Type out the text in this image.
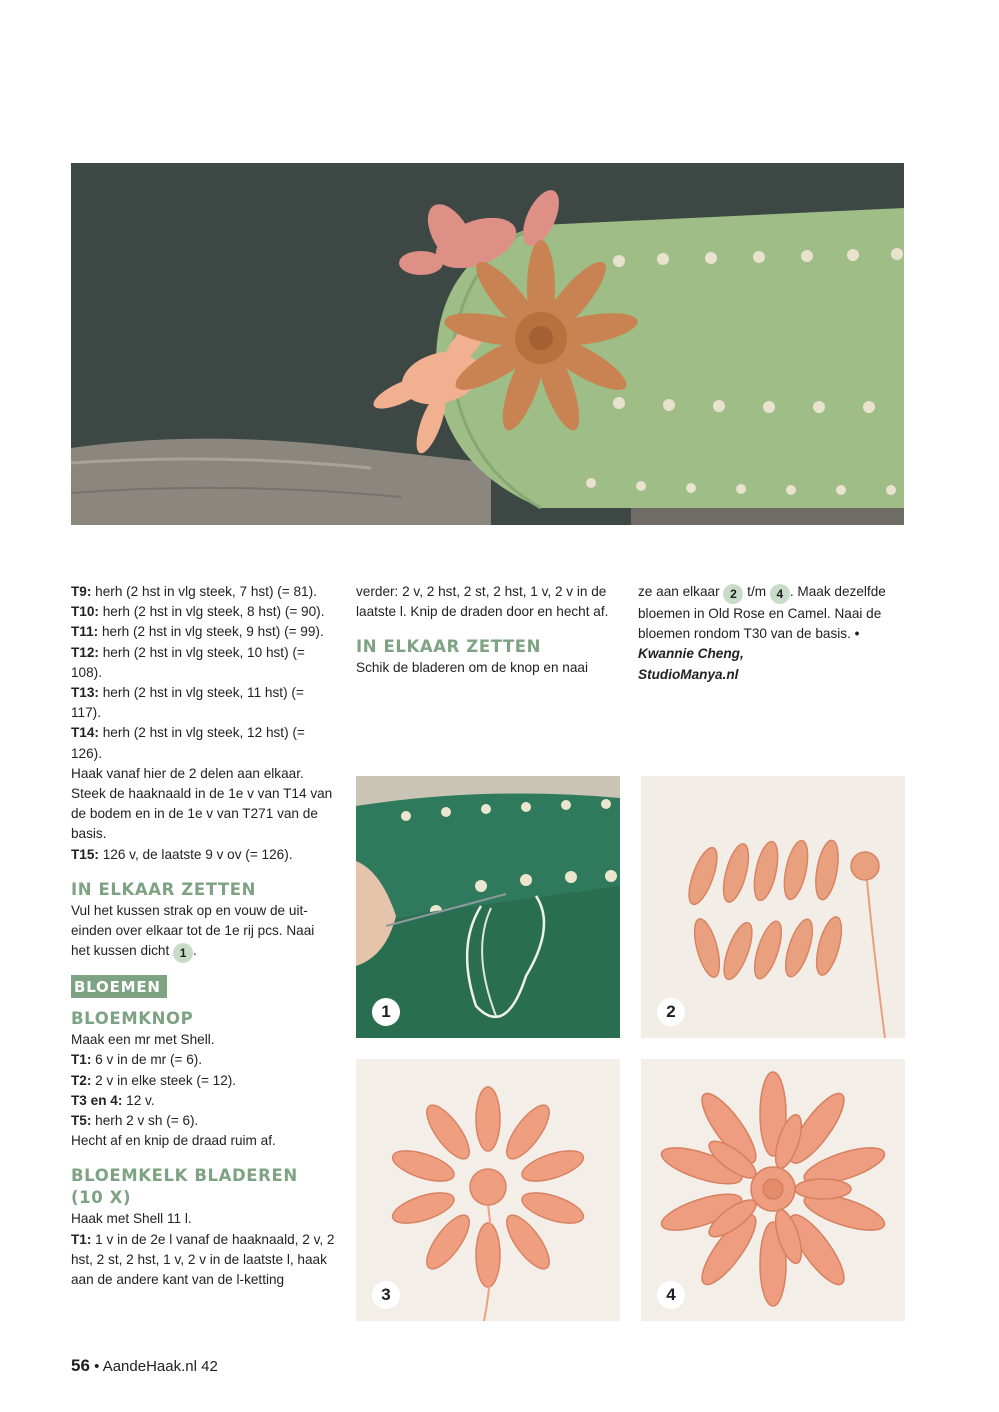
T9: herh (2 hst in vlg steek, 7 hst) (= 81).

T10: herh (2 hst in vlg steek, 8 hst) (= 90).

T11: herh (2 hst in vlg steek, 9 hst) (= 99).

T12: herh (2 hst in vlg steek, 10 hst) (= 108).

T13: herh (2 hst in vlg steek, 11 hst) (= 117).

T14: herh (2 hst in vlg steek, 12 hst) (= 126).

Haak vanaf hier de 2 delen aan elkaar. Steek de haaknaald in de 1e v van T14 van de bodem en in de 1e v van T271 van de basis.

T15: 126 v, de laatste 9 v ov (= 126).

IN ELKAAR ZETTEN

Vul het kussen strak op en vouw de uit-einden over elkaar tot de 1e rij pcs. Naai het kussen dicht 1 .

BLOEMEN
BLOEMKNOP

Maak een mr met Shell.

T1: 6 v in de mr (= 6).

T2: 2 v in elke steek (= 12).

T3 en 4: 12 v.

T5: herh 2 v sh (= 6).

Hecht af en knip de draad ruim af.

BLOEMKELK BLADEREN (10 X)

Haak met Shell 11 l.

T1: 1 v in de 2e l vanaf de haaknaald, 2 v, 2 hst, 2 st, 2 hst, 1 v, 2 v in de laatste l, haak aan de andere kant van de l-ketting

verder: 2 v, 2 hst, 2 st, 2 hst, 1 v, 2 v in de laatste l. Knip de draden door en hecht af.

IN ELKAAR ZETTEN

Schik de bladeren om de knop en naai

ze aan elkaar 2 t/m 4 . Maak dezelfde bloemen in Old Rose en Camel. Naai de bloemen rondom T30 van de basis. •

Kwannie Cheng,

StudioManya.nl

1	2
3	4
56 • AandeHaak.nl 42
